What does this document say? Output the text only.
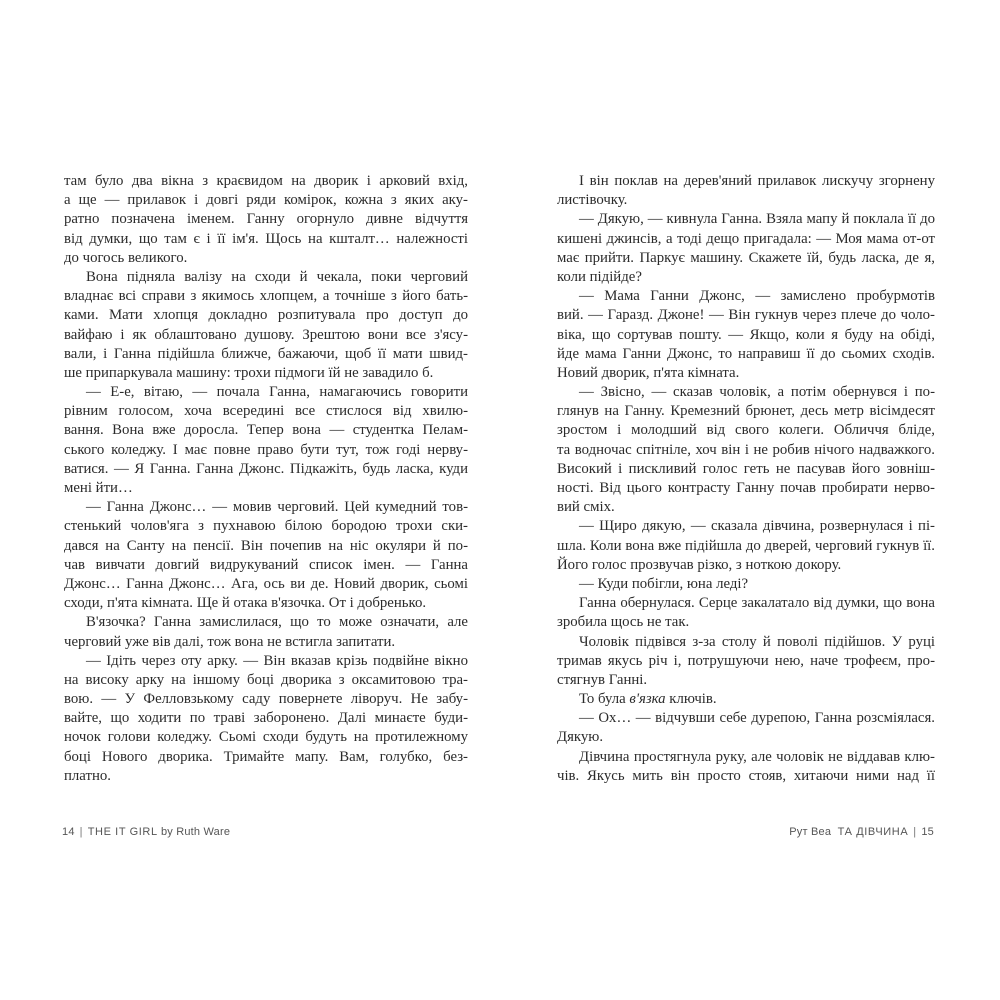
там було два вікна з краєвидом на дворик і арковий вхід,
а ще — прилавок і довгі ряди комірок, кожна з яких аку-
ратно позначена іменем. Ганну огорнуло дивне відчуття
від думки, що там є і її ім'я. Щось на кшталт… належності
до чогось великого.
Вона підняла валізу на сходи й чекала, поки черговий
владнає всі справи з якимось хлопцем, а точніше з його бать-
ками. Мати хлопця докладно розпитувала про доступ до
вайфаю і як облаштовано душову. Зрештою вони все з'ясу-
вали, і Ганна підійшла ближче, бажаючи, щоб її мати швид-
ше припаркувала машину: трохи підмоги їй не завадило б.
— Е-е, вітаю, — почала Ганна, намагаючись говорити
рівним голосом, хоча всередині все стислося від хвилю-
вання. Вона вже доросла. Тепер вона — студентка Пелам-
ського коледжу. І має повне право бути тут, тож годі нерву-
ватися. — Я Ганна. Ганна Джонс. Підкажіть, будь ласка, куди
мені йти…
— Ганна Джонс… — мовив черговий. Цей кумедний тов-
стенький чолов'яга з пухнавою білою бородою трохи ски-
дався на Санту на пенсії. Він почепив на ніс окуляри й по-
чав вивчати довгий видрукуваний список імен. — Ганна
Джонс… Ганна Джонс… Ага, ось ви де. Новий дворик, сьомі
сходи, п'ята кімната. Ще й отака в'язочка. От і добренько.
В'язочка? Ганна замислилася, що то може означати, але
черговий уже вів далі, тож вона не встигла запитати.
— Ідіть через оту арку. — Він вказав крізь подвійне вікно
на високу арку на іншому боці дворика з оксамитовою тра-
вою. — У Фелловзькому саду повернете ліворуч. Не забу-
вайте, що ходити по траві заборонено. Далі минаєте буди-
ночок голови коледжу. Сьомі сходи будуть на протилежному
боці Нового дворика. Тримайте мапу. Вам, голубко, без-
платно.
І він поклав на дерев'яний прилавок лискучу згорнену
листівочку.
— Дякую, — кивнула Ганна. Взяла мапу й поклала її до
кишені джинсів, а тоді дещо пригадала: — Моя мама от-от
має прийти. Паркує машину. Скажете їй, будь ласка, де я,
коли підійде?
— Мама Ганни Джонс, — замислено пробурмотів
вий. — Гаразд. Джоне! — Він гукнув через плече до чоло-
віка, що сортував пошту. — Якщо, коли я буду на обіді,
йде мама Ганни Джонс, то направиш її до сьомих сходів.
Новий дворик, п'ята кімната.
— Звісно, — сказав чоловік, а потім обернувся і по-
глянув на Ганну. Кремезний брюнет, десь метр вісімдесят
зростом і молодший від свого колеги. Обличчя бліде,
та водночас спітніле, хоч він і не робив нічого надважкого.
Високий і пискливий голос геть не пасував його зовніш-
ності. Від цього контрасту Ганну почав пробирати нерво-
вий сміх.
— Щиро дякую, — сказала дівчина, розвернулася і пі-
шла. Коли вона вже підійшла до дверей, черговий гукнув її.
Його голос прозвучав різко, з ноткою докору.
— Куди побігли, юна леді?
Ганна обернулася. Серце закалатало від думки, що вона
зробила щось не так.
Чоловік підвівся з-за столу й поволі підійшов. У руці
тримав якусь річ і, потрушуючи нею, наче трофеєм, про-
стягнув Ганні.
То була в'язка ключів.
— Ох… — відчувши себе дурепою, Ганна розсміялася.
Дякую.
Дівчина простягнула руку, але чоловік не віддавав клю-
чів. Якусь мить він просто стояв, хитаючи ними над її
14 | THE IT GIRL by Ruth Ware	Рут Веа ТА ДІВЧИНА | 15
